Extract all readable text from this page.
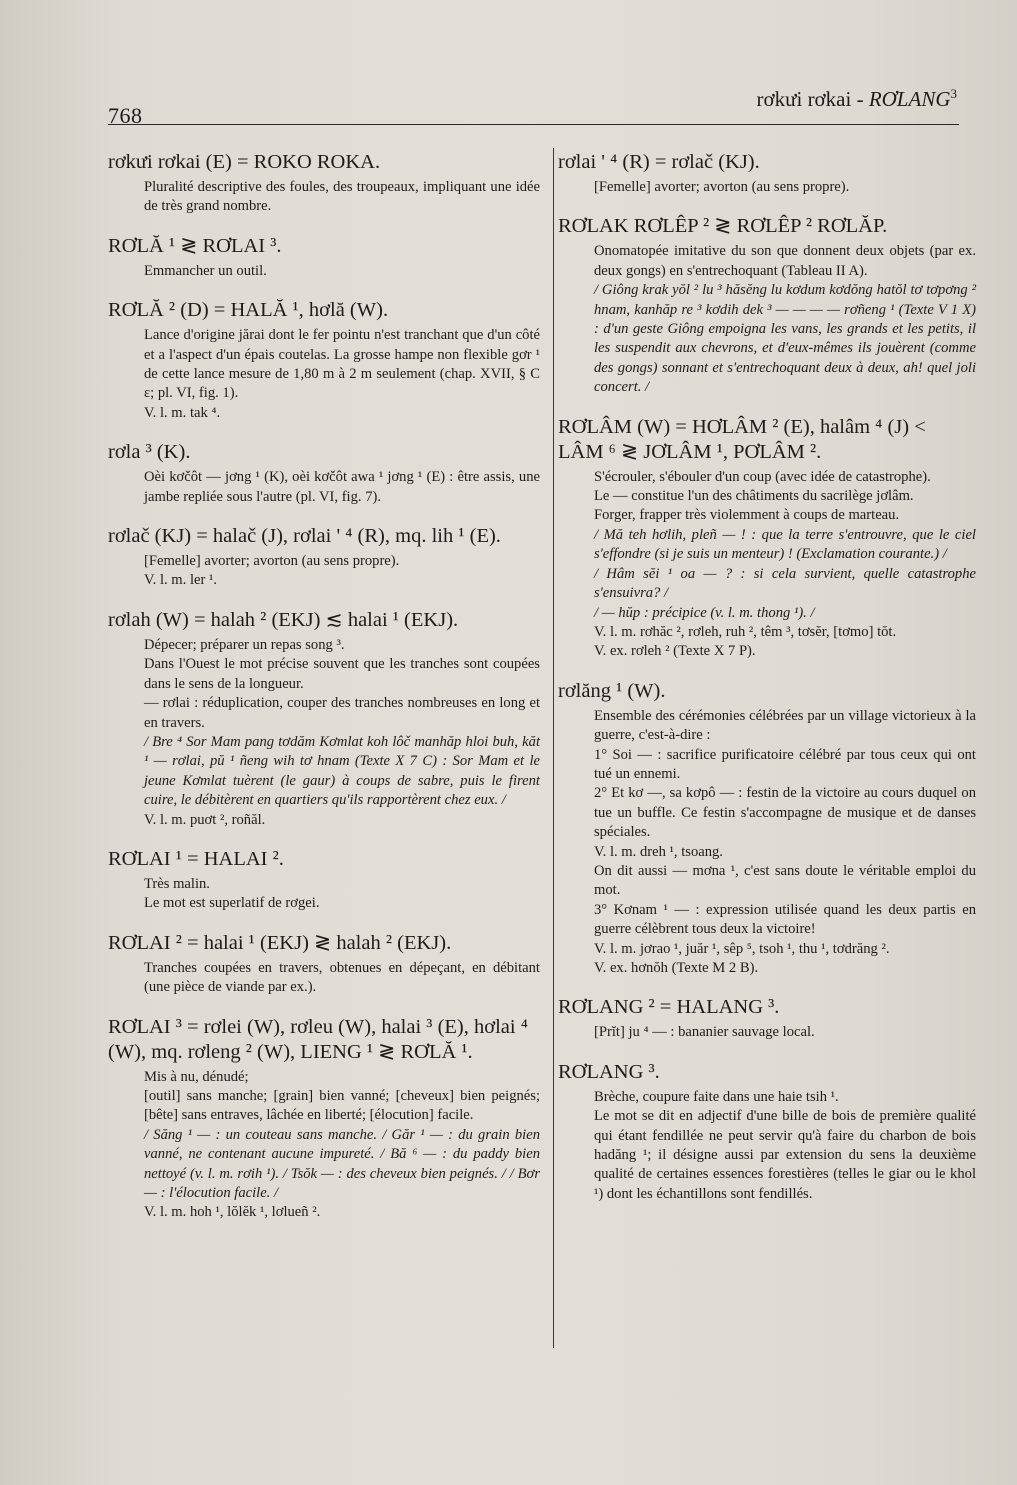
768
rơkưi rơkai - RƠLANG$^3$
rơkưi rơkai (E) = ROKO ROKA.

Pluralité descriptive des foules, des troupeaux, impliquant une idée de très grand nombre.

RƠLĂ ¹ ≷ RƠLAI ³.

Emmancher un outil.

RƠLĂ ² (D) = HALĂ ¹, hơlă (W).

Lance d'origine jărai dont le fer pointu n'est tranchant que d'un côté et a l'aspect d'un épais coutelas. La grosse hampe non flexible gơr ¹ de cette lance mesure de 1,80 m à 2 m seulement (chap. XVII, § C ε; pl. VI, fig. 1).

V. l. m. tak ⁴.

rơla ³ (K).

Oèi kơčôt — jơng ¹ (K), oèi kơčôt awa ¹ jơng ¹ (E) : être assis, une jambe repliée sous l'autre (pl. VI, fig. 7).

rơlač (KJ) = halač (J), rơlai ' ⁴ (R), mq. lih ¹ (E).

[Femelle] avorter; avorton (au sens propre).

V. l. m. ler ¹.

rơlah (W) = halah ² (EKJ) ≲ halai ¹ (EKJ).

Dépecer; préparer un repas song ³.

Dans l'Ouest le mot précise souvent que les tranches sont coupées dans le sens de la longueur.

— rơlai : réduplication, couper des tranches nombreuses en long et en travers.

/ Bre ⁴ Sor Mam pang tơdăm Kơmlat koh lôč manhăp hloi buh, kăt ¹ — rơlai, pŭ ¹ ñeng wih tơ hnam (Texte X 7 C) : Sor Mam et le jeune Kơmlat tuèrent (le gaur) à coups de sabre, puis le firent cuire, le débitèrent en quartiers qu'ils rapportèrent chez eux. /

V. l. m. puơt ², roñăl.

RƠLAI ¹ = HALAI ².

Très malin.

Le mot est superlatif de rơgei.

RƠLAI ² = halai ¹ (EKJ) ≷ halah ² (EKJ).

Tranches coupées en travers, obtenues en dépeçant, en débitant (une pièce de viande par ex.).

RƠLAI ³ = rơlei (W), rơleu (W), halai ³ (E), hơlai ⁴ (W), mq. rơleng ² (W), LIENG ¹ ≷ RƠLĂ ¹.

Mis à nu, dénudé;

[outil] sans manche; [grain] bien vanné; [cheveux] bien peignés; [bête] sans entraves, lâchée en liberté; [élocution] facile.

/ Săng ¹ — : un couteau sans manche. / Găr ¹ — : du grain bien vanné, ne contenant aucune impureté. / Bă ⁶ — : du paddy bien nettoyé (v. l. m. rơih ¹). / Tsŏk — : des cheveux bien peignés. / / Bơr — : l'élocution facile. /

V. l. m. hoh ¹, lŏlĕk ¹, lơlueñ ².

rơlai ' ⁴ (R) = rơlač (KJ).

[Femelle] avorter; avorton (au sens propre).

RƠLAK RƠLÊP ² ≷ RƠLÊP ² RƠLĂP.

Onomatopée imitative du son que donnent deux objets (par ex. deux gongs) en s'entrechoquant (Tableau II A).

/ Giông krak yŏl ² lu ³ hăsĕng lu kơdum kơdŏng hatŏl tơ tơpơng ² hnam, kanhăp re ³ kơdih dek ³ — — — — rơñeng ¹ (Texte V 1 X) : d'un geste Giông empoigna les vans, les grands et les petits, il les suspendit aux chevrons, et d'eux-mêmes ils jouèrent (comme des gongs) sonnant et s'entrechoquant deux à deux, ah! quel joli concert. /

RƠLÂM (W) = HƠLÂM ² (E), halâm ⁴ (J) < LÂM ⁶ ≷ JƠLÂM ¹, PƠLÂM ².

S'écrouler, s'ébouler d'un coup (avec idée de catastrophe).

Le — constitue l'un des châtiments du sacrilège jơlâm.

Forger, frapper très violemment à coups de marteau.

/ Mă teh hơlih, pleñ — ! : que la terre s'entrouvre, que le ciel s'effondre (si je suis un menteur) ! (Exclamation courante.) /

/ Hâm sĕi ¹ oa — ? : si cela survient, quelle catastrophe s'ensuivra? /

/ — hŭp : précipice (v. l. m. thong ¹). /

V. l. m. rơhăc ², rơleh, ruh ², têm ³, tơsĕr, [tơmo] tŏt.

V. ex. rơleh ² (Texte X 7 P).

rơlăng ¹ (W).

Ensemble des cérémonies célébrées par un village victorieux à la guerre, c'est-à-dire :

1° Soi — : sacrifice purificatoire célébré par tous ceux qui ont tué un ennemi.

2° Et kơ —, sa kơpô — : festin de la victoire au cours duquel on tue un buffle. Ce festin s'accompagne de musique et de danses spéciales.

V. l. m. dreh ¹, tsoang.

On dit aussi — mơna ¹, c'est sans doute le véritable emploi du mot.

3° Kơnam ¹ — : expression utilisée quand les deux partis en guerre célèbrent tous deux la victoire!

V. l. m. jơrao ¹, juăr ¹, sêp ⁵, tsoh ¹, thu ¹, tơdrăng ².

V. ex. hơnŏh (Texte M 2 B).

RƠLANG ² = HALANG ³.

[Prĭt] ju ⁴ — : bananier sauvage local.

RƠLANG ³.

Brèche, coupure faite dans une haie tsih ¹.

Le mot se dit en adjectif d'une bille de bois de première qualité qui étant fendillée ne peut servir qu'à faire du charbon de bois hadăng ¹; il désigne aussi par extension du sens la deuxième qualité de certaines essences forestières (telles le giar ou le khol ¹) dont les échantillons sont fendillés.
